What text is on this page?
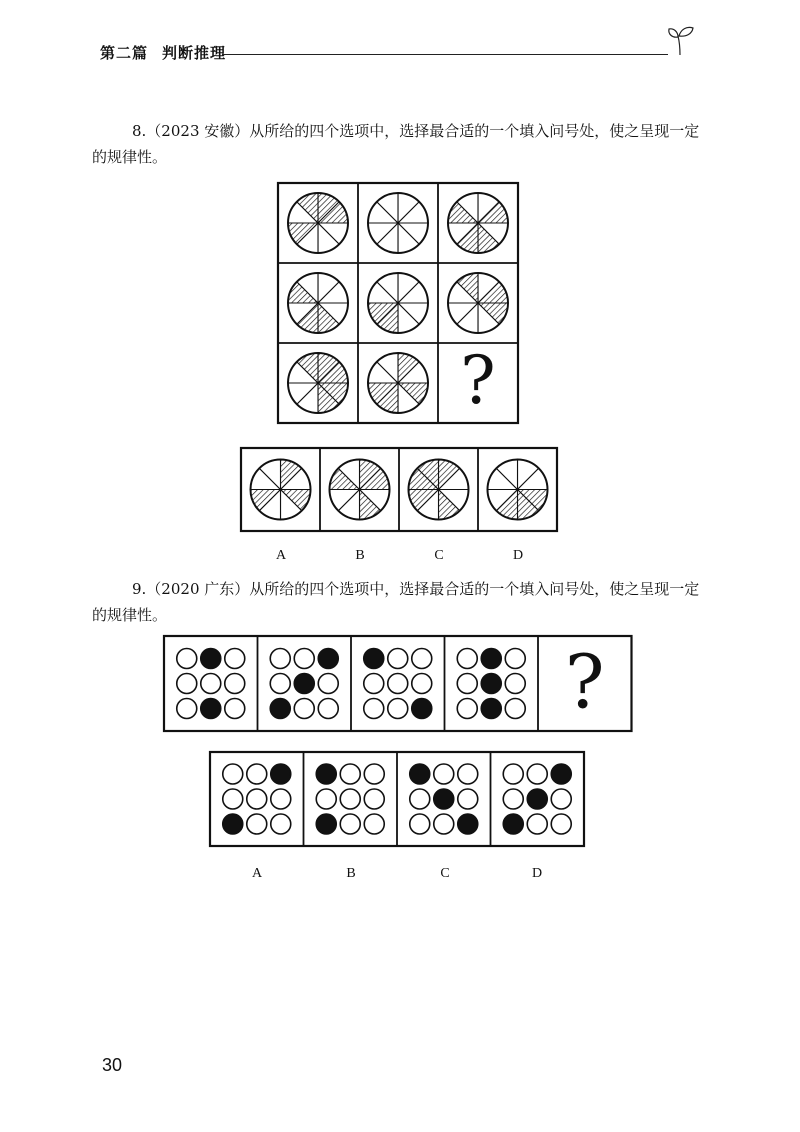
第二篇 判断推理
8.（2023 安徽）从所给的四个选项中，选择最合适的一个填入问号处，使之呈现一定的规律性。
?
A	B	C	D
9.（2020 广东）从所给的四个选项中，选择最合适的一个填入问号处，使之呈现一定的规律性。
?
A	B	C	D
30
